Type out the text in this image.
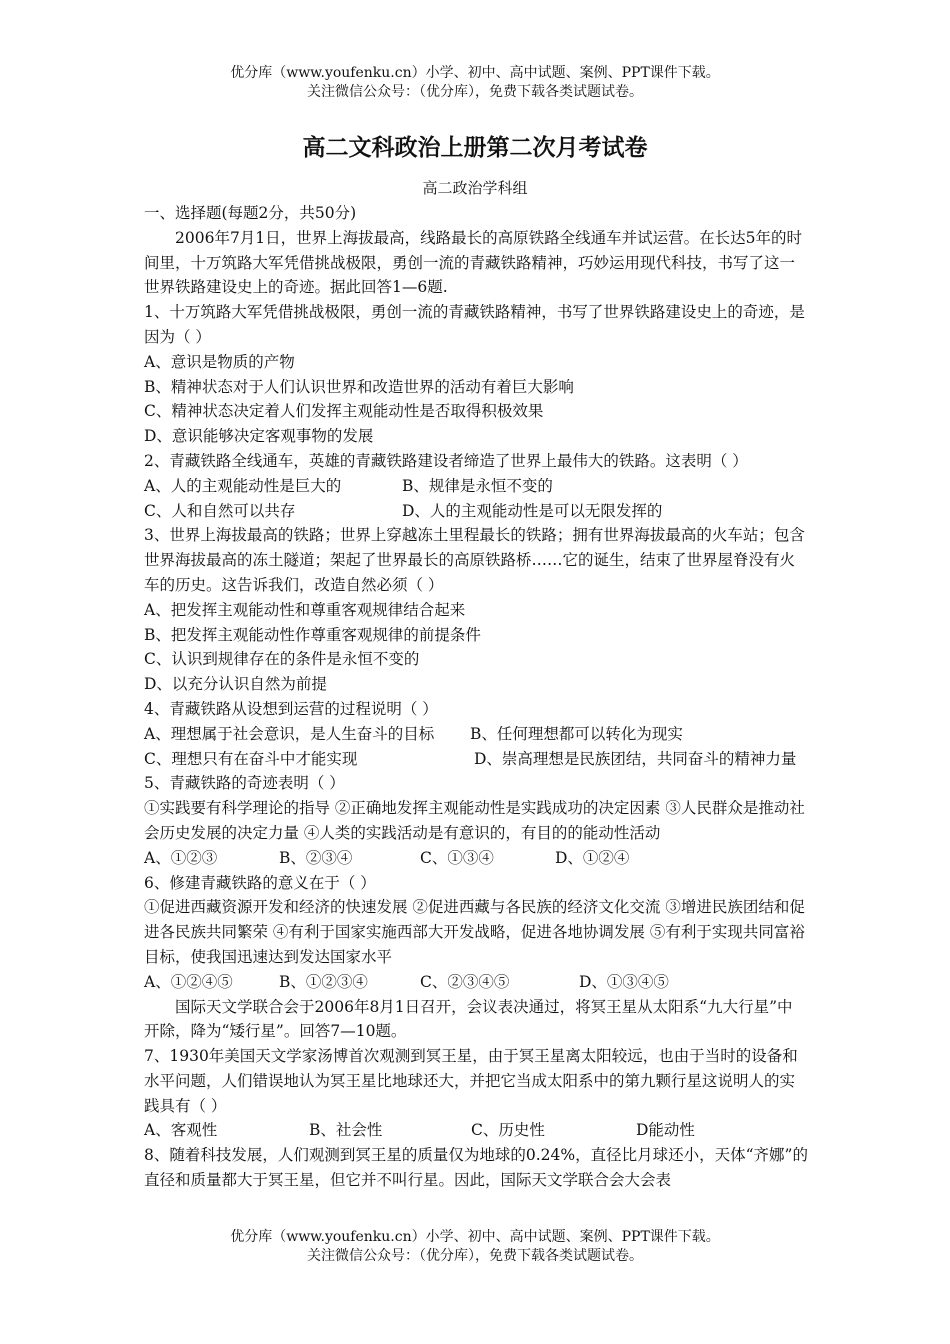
优分库（www.youfenku.cn）小学、初中、高中试题、案例、PPT课件下载。
关注微信公众号：（优分库），免费下载各类试题试卷。
高二文科政治上册第二次月考试卷
高二政治学科组

一、选择题(每题2分，共50分)

2006年7月1日，世界上海拔最高，线路最长的高原铁路全线通车并试运营。在长达5年的时间里，十万筑路大军凭借挑战极限，勇创一流的青藏铁路精神，巧妙运用现代科技，书写了这一世界铁路建设史上的奇迹。据此回答1—6题.

1、十万筑路大军凭借挑战极限，勇创一流的青藏铁路精神，书写了世界铁路建设史上的奇迹，是因为（ ）

A、意识是物质的产物

B、精神状态对于人们认识世界和改造世界的活动有着巨大影响

C、精神状态决定着人们发挥主观能动性是否取得积极效果

D、意识能够决定客观事物的发展

2、青藏铁路全线通车，英雄的青藏铁路建设者缔造了世界上最伟大的铁路。这表明（ ）

A、人的主观能动性是巨大的	B、规律是永恒不变的
C、人和自然可以共存	D、人的主观能动性是可以无限发挥的

3、世界上海拔最高的铁路；世界上穿越冻土里程最长的铁路；拥有世界海拔最高的火车站；包含世界海拔最高的冻土隧道；架起了世界最长的高原铁路桥……它的诞生，结束了世界屋脊没有火车的历史。这告诉我们，改造自然必须（ ）

A、把发挥主观能动性和尊重客观规律结合起来

B、把发挥主观能动性作尊重客观规律的前提条件

C、认识到规律存在的条件是永恒不变的

D、以充分认识自然为前提

4、青藏铁路从设想到运营的过程说明（ ）

A、理想属于社会意识，是人生奋斗的目标	B、任何理想都可以转化为现实

C、理想只有在奋斗中才能实现	D、崇高理想是民族团结，共同奋斗的精神力量

5、青藏铁路的奇迹表明（ ）

①实践要有科学理论的指导 ②正确地发挥主观能动性是实践成功的决定因素 ③人民群众是推动社会历史发展的决定力量 ④人类的实践活动是有意识的，有目的的能动性活动

A、①②③	B、②③④	C、①③④	D、①②④

6、修建青藏铁路的意义在于（ ）

①促进西藏资源开发和经济的快速发展 ②促进西藏与各民族的经济文化交流 ③增进民族团结和促进各民族共同繁荣 ④有利于国家实施西部大开发战略，促进各地协调发展 ⑤有利于实现共同富裕目标，使我国迅速达到发达国家水平

A、①②④⑤	B、①②③④	C、②③④⑤	D、①③④⑤

国际天文学联合会于2006年8月1日召开，会议表决通过，将冥王星从太阳系“九大行星”中开除，降为“矮行星”。回答7—10题。

7、1930年美国天文学家汤博首次观测到冥王星，由于冥王星离太阳较远，也由于当时的设备和水平问题，人们错误地认为冥王星比地球还大，并把它当成太阳系中的第九颗行星这说明人的实践具有（ ）

A、客观性	B、社会性	C、历史性	D能动性

8、随着科技发展，人们观测到冥王星的质量仅为地球的0.24%，直径比月球还小，天体“齐娜”的直径和质量都大于冥王星，但它并不叫行星。因此，国际天文学联合会大会表

优分库（www.youfenku.cn）小学、初中、高中试题、案例、PPT课件下载。
关注微信公众号：（优分库），免费下载各类试题试卷。
